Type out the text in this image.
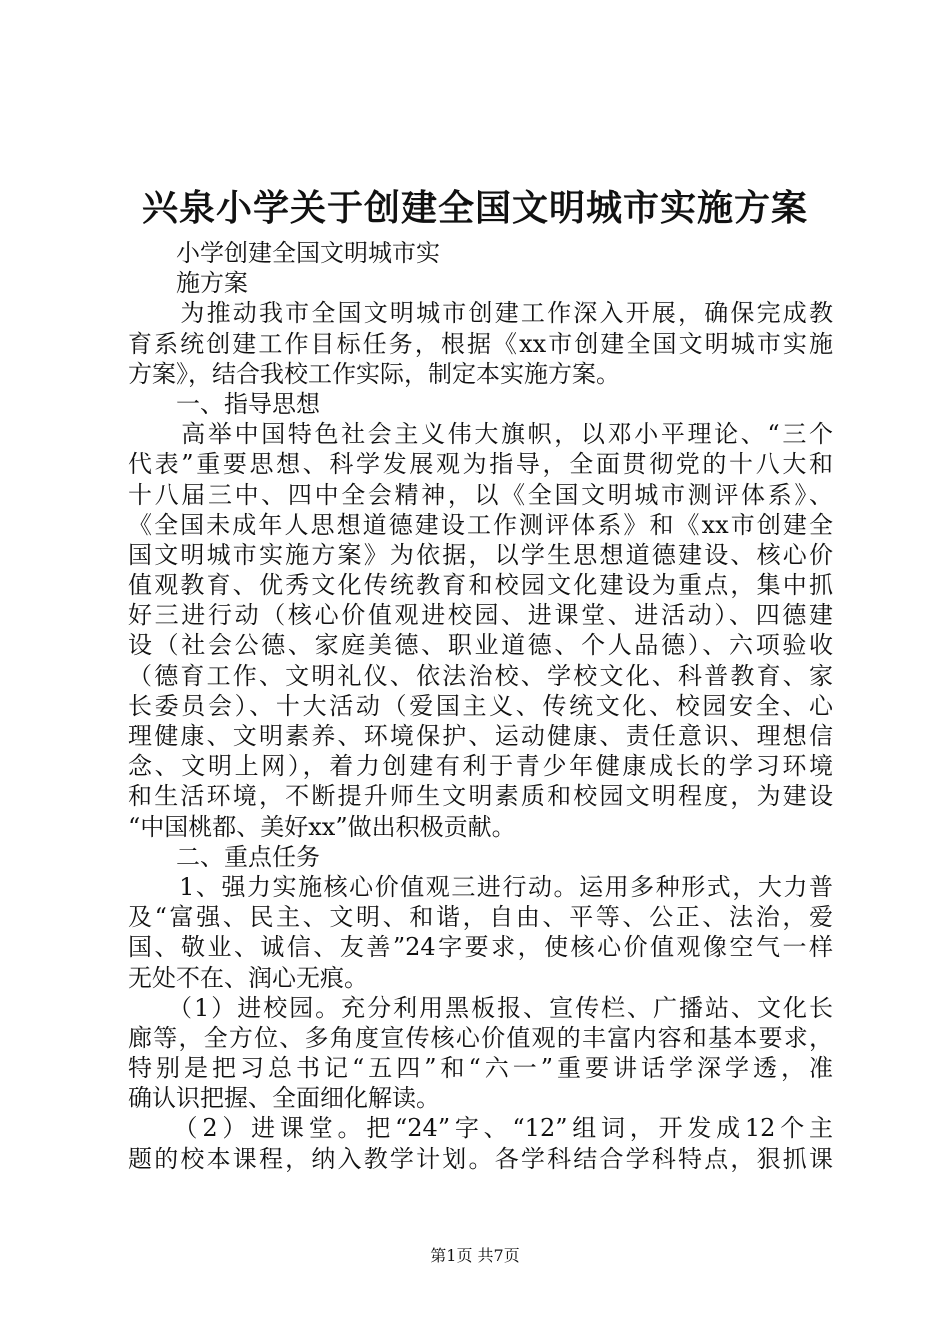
兴泉小学关于创建全国文明城市实施方案
　　小学创建全国文明城市实
　　施方案
　　为推动我市全国文明城市创建工作深入开展，确保完成教
育系统创建工作目标任务，根据《xx市创建全国文明城市实施
方案》，结合我校工作实际，制定本实施方案。
　　一、指导思想
　　高举中国特色社会主义伟大旗帜，以邓小平理论、“三个
代表”重要思想、科学发展观为指导，全面贯彻党的十八大和
十八届三中、四中全会精神，以《全国文明城市测评体系》、
《全国未成年人思想道德建设工作测评体系》和《xx市创建全
国文明城市实施方案》为依据，以学生思想道德建设、核心价
值观教育、优秀文化传统教育和校园文化建设为重点，集中抓
好三进行动（核心价值观进校园、进课堂、进活动）、四德建
设（社会公德、家庭美德、职业道德、个人品德）、六项验收
（德育工作、文明礼仪、依法治校、学校文化、科普教育、家
长委员会）、十大活动（爱国主义、传统文化、校园安全、心
理健康、文明素养、环境保护、运动健康、责任意识、理想信
念、文明上网），着力创建有利于青少年健康成长的学习环境
和生活环境，不断提升师生文明素质和校园文明程度，为建设
“中国桃都、美好xx”做出积极贡献。
　　二、重点任务
　　1、强力实施核心价值观三进行动。运用多种形式，大力普
及“富强、民主、文明、和谐，自由、平等、公正、法治，爱
国、敬业、诚信、友善”24字要求，使核心价值观像空气一样
无处不在、润心无痕。
　　（1）进校园。充分利用黑板报、宣传栏、广播站、文化长
廊等，全方位、多角度宣传核心价值观的丰富内容和基本要求，
特别是把习总书记“五四”和“六一”重要讲话学深学透，准
确认识把握、全面细化解读。
　　（2）进课堂。把“24”字、“12”组词，开发成12个主
题的校本课程，纳入教学计划。各学科结合学科特点，狠抓课
第1页 共7页
